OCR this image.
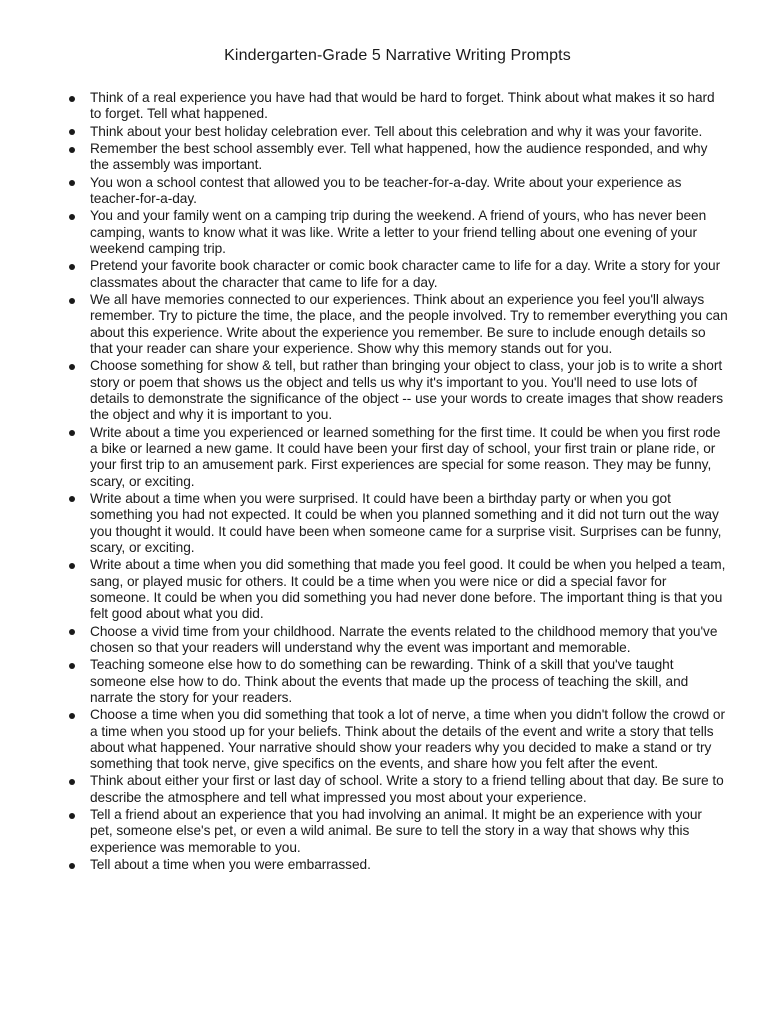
Kindergarten-Grade 5 Narrative Writing Prompts
Think of a real experience you have had that would be hard to forget. Think about what makes it so hard to forget. Tell what happened.
Think about your best holiday celebration ever. Tell about this celebration and why it was your favorite.
Remember the best school assembly ever. Tell what happened, how the audience responded, and why the assembly was important.
You won a school contest that allowed you to be teacher-for-a-day. Write about your experience as teacher-for-a-day.
You and your family went on a camping trip during the weekend. A friend of yours, who has never been camping, wants to know what it was like. Write a letter to your friend telling about one evening of your weekend camping trip.
Pretend your favorite book character or comic book character came to life for a day. Write a story for your classmates about the character that came to life for a day.
We all have memories connected to our experiences. Think about an experience you feel you'll always remember. Try to picture the time, the place, and the people involved. Try to remember everything you can about this experience. Write about the experience you remember. Be sure to include enough details so that your reader can share your experience. Show why this memory stands out for you.
Choose something for show & tell, but rather than bringing your object to class, your job is to write a short story or poem that shows us the object and tells us why it's important to you. You'll need to use lots of details to demonstrate the significance of the object -- use your words to create images that show readers the object and why it is important to you.
Write about a time you experienced or learned something for the first time. It could be when you first rode a bike or learned a new game. It could have been your first day of school, your first train or plane ride, or your first trip to an amusement park. First experiences are special for some reason. They may be funny, scary, or exciting.
Write about a time when you were surprised. It could have been a birthday party or when you got something you had not expected. It could be when you planned something and it did not turn out the way you thought it would. It could have been when someone came for a surprise visit. Surprises can be funny, scary, or exciting.
Write about a time when you did something that made you feel good. It could be when you helped a team, sang, or played music for others. It could be a time when you were nice or did a special favor for someone. It could be when you did something you had never done before. The important thing is that you felt good about what you did.
Choose a vivid time from your childhood. Narrate the events related to the childhood memory that you've chosen so that your readers will understand why the event was important and memorable.
Teaching someone else how to do something can be rewarding. Think of a skill that you've taught someone else how to do. Think about the events that made up the process of teaching the skill, and narrate the story for your readers.
Choose a time when you did something that took a lot of nerve, a time when you didn't follow the crowd or a time when you stood up for your beliefs. Think about the details of the event and write a story that tells about what happened. Your narrative should show your readers why you decided to make a stand or try something that took nerve, give specifics on the events, and share how you felt after the event.
Think about either your first or last day of school. Write a story to a friend telling about that day. Be sure to describe the atmosphere and tell what impressed you most about your experience.
Tell a friend about an experience that you had involving an animal. It might be an experience with your pet, someone else's pet, or even a wild animal. Be sure to tell the story in a way that shows why this experience was memorable to you.
Tell about a time when you were embarrassed.
